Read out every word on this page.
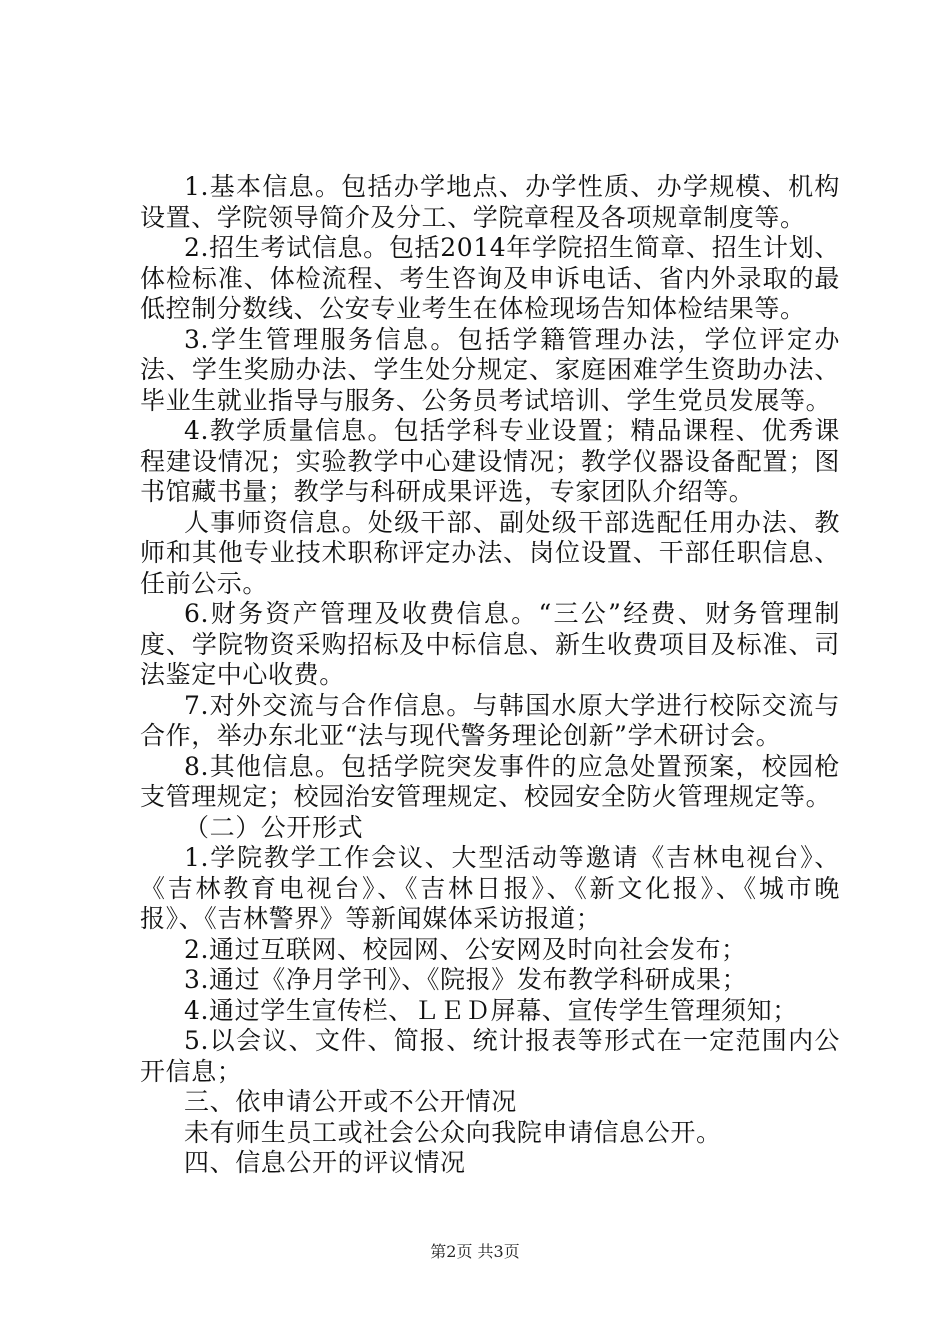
1.基本信息。包括办学地点、办学性质、办学规模、机构设置、学院领导简介及分工、学院章程及各项规章制度等。

2.招生考试信息。包括2014年学院招生简章、招生计划、体检标准、体检流程、考生咨询及申诉电话、省内外录取的最低控制分数线、公安专业考生在体检现场告知体检结果等。

3.学生管理服务信息。包括学籍管理办法，学位评定办法、学生奖励办法、学生处分规定、家庭困难学生资助办法、毕业生就业指导与服务、公务员考试培训、学生党员发展等。

4.教学质量信息。包括学科专业设置；精品课程、优秀课程建设情况；实验教学中心建设情况；教学仪器设备配置；图书馆藏书量；教学与科研成果评选，专家团队介绍等。

人事师资信息。处级干部、副处级干部选配任用办法、教师和其他专业技术职称评定办法、岗位设置、干部任职信息、任前公示。

6.财务资产管理及收费信息。“三公”经费、财务管理制度、学院物资采购招标及中标信息、新生收费项目及标准、司法鉴定中心收费。

7.对外交流与合作信息。与韩国水原大学进行校际交流与合作，举办东北亚“法与现代警务理论创新”学术研讨会。

8.其他信息。包括学院突发事件的应急处置预案，校园枪支管理规定；校园治安管理规定、校园安全防火管理规定等。

（二）公开形式

1.学院教学工作会议、大型活动等邀请《吉林电视台》、《吉林教育电视台》、《吉林日报》、《新文化报》、《城市晚报》、《吉林警界》等新闻媒体采访报道；

2.通过互联网、校园网、公安网及时向社会发布；

3.通过《净月学刊》、《院报》发布教学科研成果；

4.通过学生宣传栏、ＬＥＤ屏幕、宣传学生管理须知；

5.以会议、文件、简报、统计报表等形式在一定范围内公开信息；

三、依申请公开或不公开情况

未有师生员工或社会公众向我院申请信息公开。

四、信息公开的评议情况

第2页 共3页
